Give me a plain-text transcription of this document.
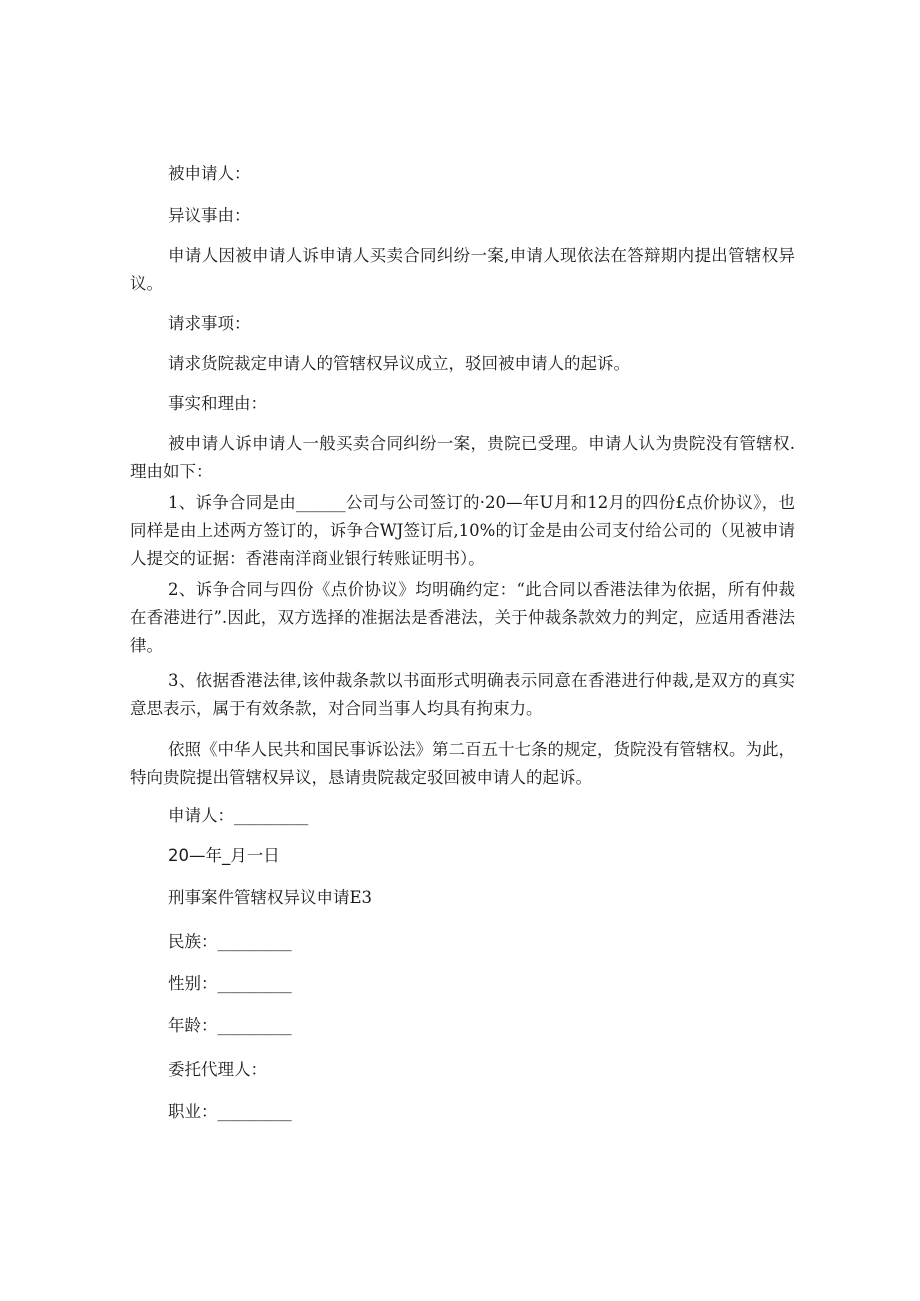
被申请人：

异议事由：

申请人因被申请人诉申请人买卖合同纠纷一案,申请人现依法在答辩期内提出管辖权异议。

请求事项：

请求货院裁定申请人的管辖权异议成立，驳回被申请人的起诉。

事实和理由：

被申请人诉申请人一般买卖合同纠纷一案，贵院已受理。申请人认为贵院没有管辖权.理由如下：

1、诉争合同是由______公司与公司签订的·20—年U月和12月的四份£点价协议》，也同样是由上述两方签订的，诉争合WJ签订后,10%的订金是由公司支付给公司的（见被申请人提交的证据：香港南洋商业银行转账证明书）。

2、诉争合同与四份《点价协议》均明确约定：“此合同以香港法律为依据，所有仲裁在香港进行”.因此，双方选择的准据法是香港法，关于仲裁条款效力的判定，应适用香港法律。

3、依据香港法律,该仲裁条款以书面形式明确表示同意在香港进行仲裁,是双方的真实意思表示，属于有效条款，对合同当事人均具有拘束力。

依照《中华人民共和国民事诉讼法》第二百五十七条的规定，货院没有管辖权。为此，特向贵院提出管辖权异议，恳请贵院裁定驳回被申请人的起诉。

申请人：_________

20—年_月一日

刑事案件管辖权异议申请E3

民族：_________

性别：_________

年龄：_________

委托代理人：

职业：_________
